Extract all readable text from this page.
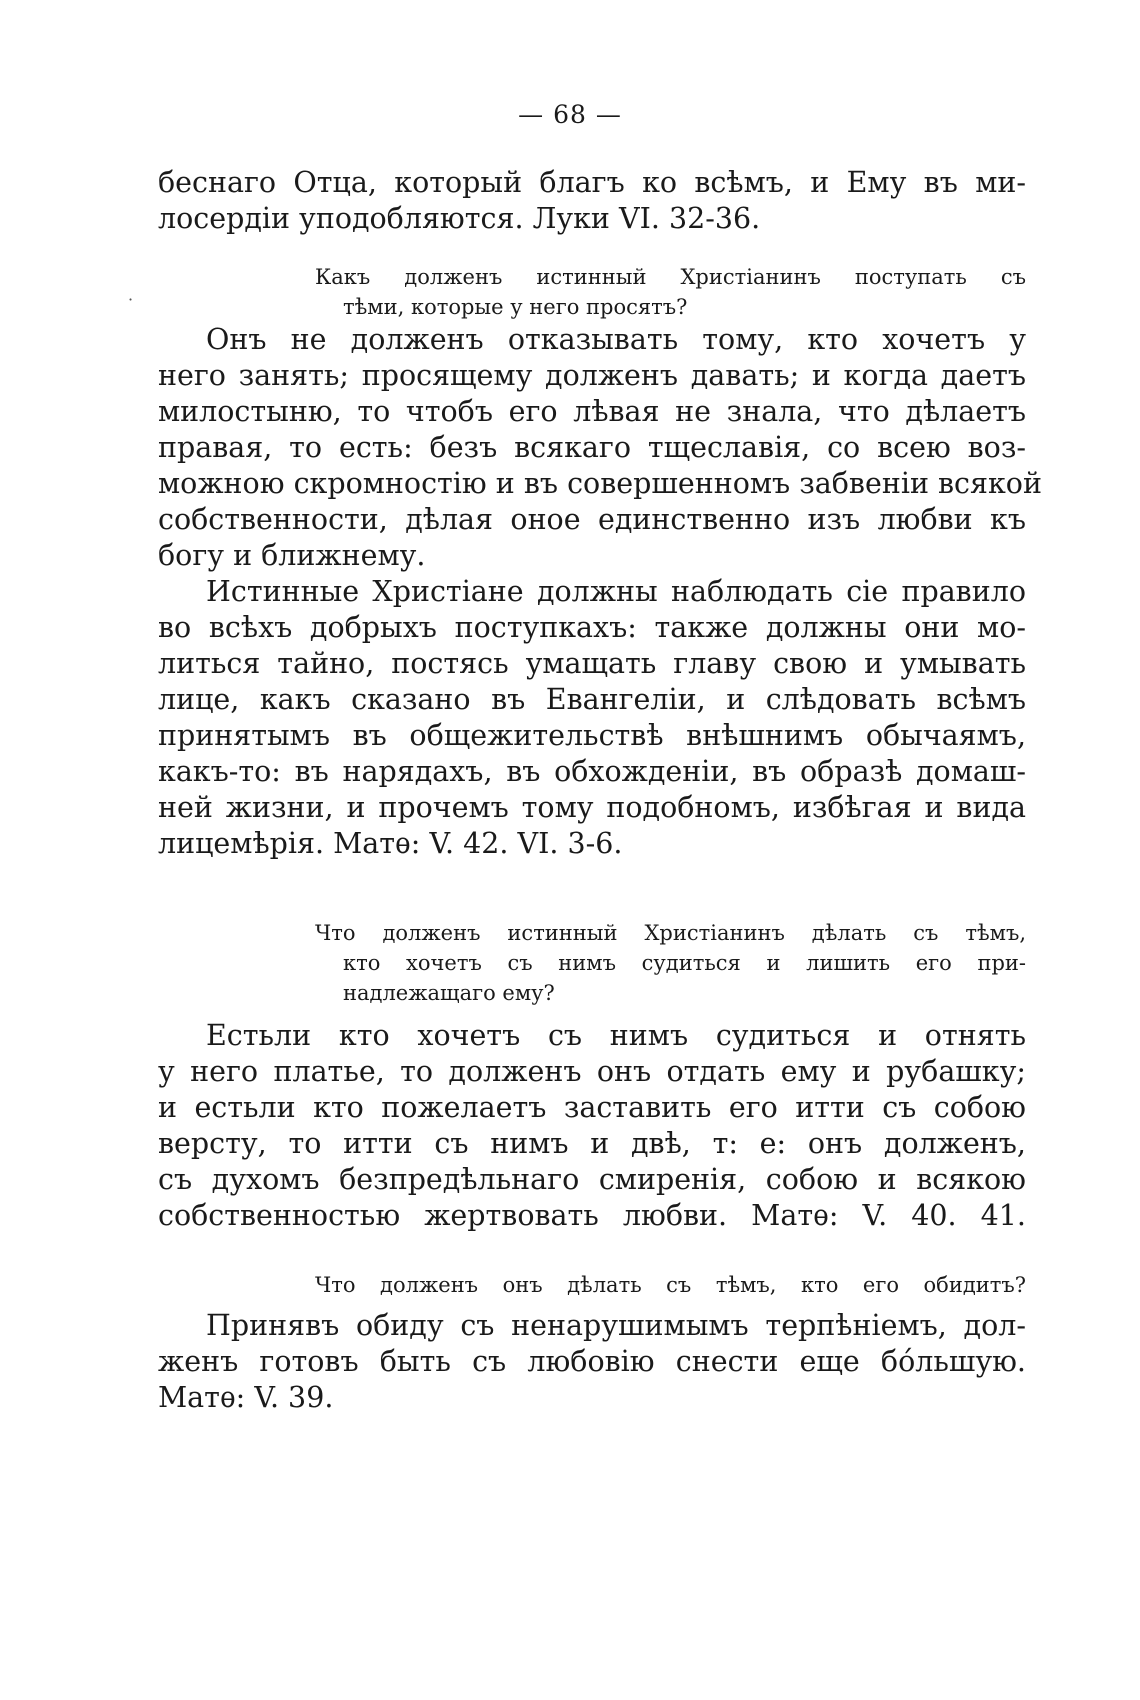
— 68 —
·
беснаго Отца, который благъ ко всѣмъ, и Ему въ ми-
лосердіи уподобляются. Луки VI. 32-36.
Какъ долженъ истинный Христіанинъ поступать съ
тѣми, которые у него просятъ?
Онъ не долженъ отказывать тому, кто хочетъ у
него занять; просящему долженъ давать; и когда даетъ
милостыню, то чтобъ его лѣвая не знала, что дѣлаетъ
правая, то есть: безъ всякаго тщеславія, со всею воз-
можною скромностію и въ совершенномъ забвеніи всякой
собственности, дѣлая оное единственно изъ любви къ
богу и ближнему.
Истинные Христіане должны наблюдать сіе правило
во всѣхъ добрыхъ поступкахъ: также должны они мо-
литься тайно, постясь умащать главу свою и умывать
лице, какъ сказано въ Евангеліи, и слѣдовать всѣмъ
принятымъ въ общежительствѣ внѣшнимъ обычаямъ,
какъ-то: въ нарядахъ, въ обхожденіи, въ образѣ домаш-
ней жизни, и прочемъ тому подобномъ, избѣгая и вида
лицемѣрія. Матѳ: V. 42. VI. 3-6.
Что долженъ истинный Христіанинъ дѣлать съ тѣмъ,
кто хочетъ съ нимъ судиться и лишить его при-
надлежащаго ему?
Естьли кто хочетъ съ нимъ судиться и отнять
у него платье, то долженъ онъ отдать ему и рубашку;
и естьли кто пожелаетъ заставить его итти съ собою
версту, то итти съ нимъ и двѣ, т: е: онъ долженъ,
съ духомъ безпредѣльнаго смиренія, собою и всякою
собственностью жертвовать любви. Матѳ: V. 40. 41.
Что долженъ онъ дѣлать съ тѣмъ, кто его обидитъ?
Принявъ обиду съ ненарушимымъ терпѣніемъ, дол-
женъ готовъ быть съ любовію снести еще бóльшую.
Матѳ: V. 39.
